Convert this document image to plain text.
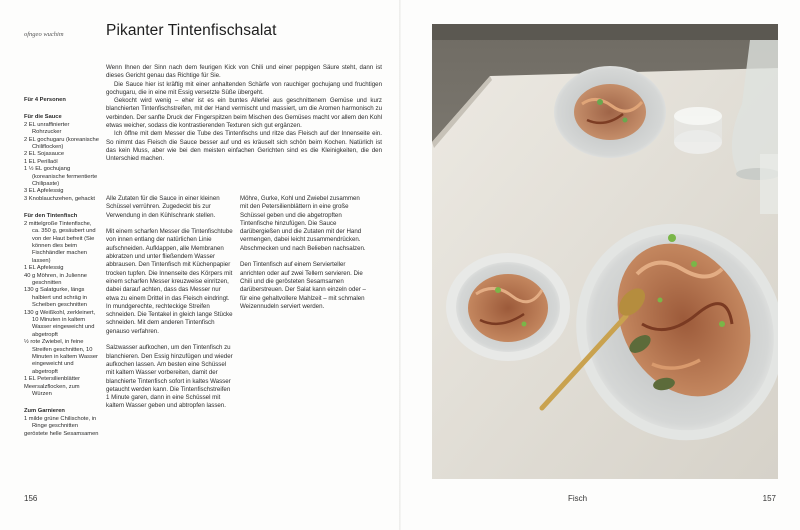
ofngeo wuchim	Pikanter Tintenfischsalat

Wenn Ihnen der Sinn nach dem feurigen Kick von Chili und einer peppigen Säure steht, dann ist dieses Gericht genau das Richtige für Sie.

Die Sauce hier ist kräftig mit einer anhaltenden Schärfe von rauchiger gochujang und fruchtigen gochugaru, die in eine mit Essig versetzte Süße übergeht.

Gekocht wird wenig – eher ist es ein buntes Allerlei aus geschnittenem Gemüse und kurz blanchierten Tintenfischstreifen, mit der Hand vermischt und massiert, um die Aromen harmonisch zu verbinden. Der sanfte Druck der Fingerspitzen beim Mischen des Gemüses macht vor allem den Kohl etwas weicher, sodass die kontrastierenden Texturen sich gut ergänzen.

Ich öffne mit dem Messer die Tube des Tintenfischs und ritze das Fleisch auf der Innenseite ein. So nimmt das Fleisch die Sauce besser auf und es kräuselt sich schön beim Kochen. Natürlich ist das kein Muss, aber wie bei den meisten einfachen Gerichten sind es die Kleinigkeiten, die den Unterschied machen.

Für 4 Personen
Für die Sauce
2 EL unraffinierter Rohrzucker
2 EL gochugaru (koreanische Chiliflocken)
2 EL Sojasauce
1 EL Perillaöl
1 ½ EL gochujang (koreanische fermentierte Chilipaste)
3 EL Apfelessig
3 Knoblauchzehen, gehackt
Für den Tintenfisch
2 mittelgroße Tintenfische, ca. 350 g, gesäubert und von der Haut befreit (Sie können dies beim Fischhändler machen lassen)
1 EL Apfelessig
40 g Möhren, in Julienne geschnitten
130 g Salatgurke, längs halbiert und schräg in Scheiben geschnitten
130 g Weißkohl, zerkleinert, 10 Minuten in kaltem Wasser eingeweicht und abgetropft
½ rote Zwiebel, in feine Streifen geschnitten, 10 Minuten in kaltem Wasser eingeweicht und abgetropft
1 EL Petersilienblätter
Meersalzflocken, zum Würzen
Zum Garnieren
1 milde grüne Chilischote, in Ringe geschnitten
geröstete helle Sesamsamen

Alle Zutaten für die Sauce in einer kleinen Schüssel verrühren. Zugedeckt bis zur Verwendung in den Kühlschrank stellen.

Mit einem scharfen Messer die Tintenfischtube von innen entlang der natürlichen Linie aufschneiden. Aufklappen, alle Membranen abkratzen und unter fließendem Wasser abbrausen. Den Tintenfisch mit Küchenpapier trocken tupfen. Die Innenseite des Körpers mit einem scharfen Messer kreuzweise einritzen, dabei darauf achten, dass das Messer nur etwa zu einem Drittel in das Fleisch eindringt. In mundgerechte, rechteckige Streifen schneiden. Die Tentakel in gleich lange Stücke schneiden. Mit dem anderen Tintenfisch genauso verfahren.

Salzwasser aufkochen, um den Tintenfisch zu blanchieren. Den Essig hinzufügen und wieder aufkochen lassen. Am besten eine Schüssel mit kaltem Wasser vorbereiten, damit der blanchierte Tintenfisch sofort in kaltes Wasser getaucht werden kann. Die Tintenfischstreifen 1 Minute garen, dann in eine Schüssel mit kaltem Wasser geben und abtropfen lassen.

Möhre, Gurke, Kohl und Zwiebel zusammen mit den Petersilienblättern in eine große Schüssel geben und die abgetropften Tintenfische hinzufügen. Die Sauce darübergießen und die Zutaten mit der Hand vermengen, dabei leicht zusammendrücken. Abschmecken und nach Belieben nachsalzen.

Den Tintenfisch auf einem Servierteller anrichten oder auf zwei Tellern servieren. Die Chili und die gerösteten Sesamsamen darüberstreuen. Der Salat kann einzeln oder – für eine gehaltvollere Mahlzeit – mit schmalen Weizennudeln serviert werden.

156	Fisch	157
